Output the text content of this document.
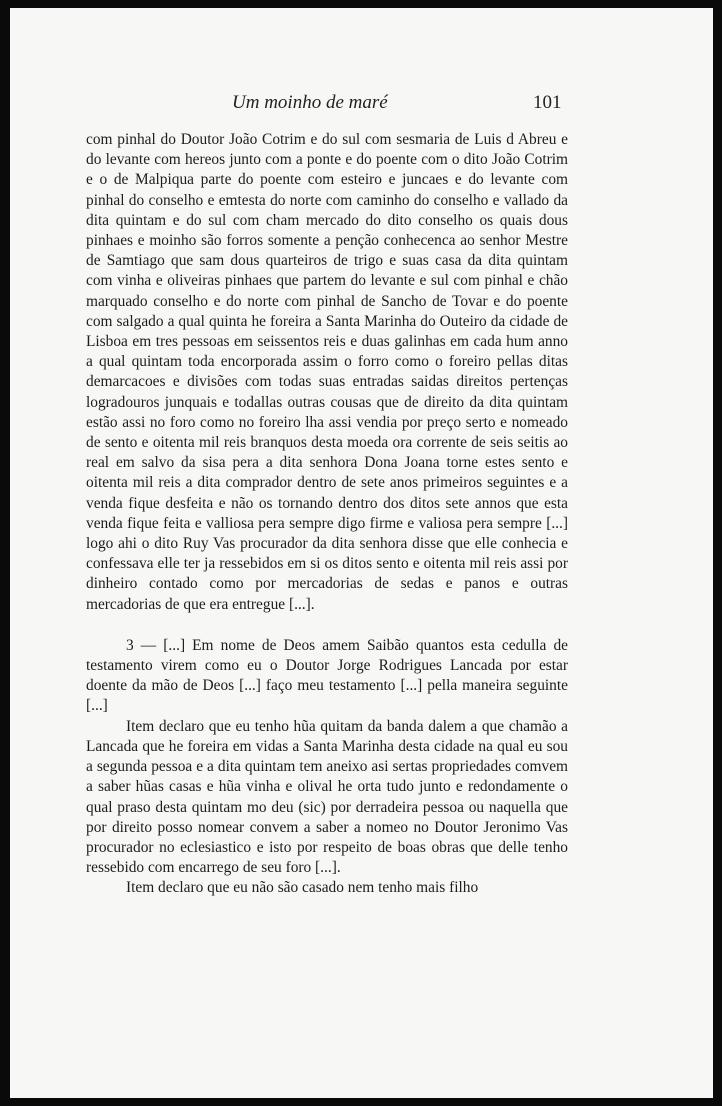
Um moinho de maré	101

com pinhal do Doutor João Cotrim e do sul com sesmaria de Luis d Abreu e do levante com hereos junto com a ponte e do poente com o dito João Cotrim e o de Malpiqua parte do poente com esteiro e juncaes e do levante com pinhal do conselho e emtesta do norte com caminho do conselho e vallado da dita quintam e do sul com cham mercado do dito conselho os quais dous pinhaes e moinho são forros somente a penção conhecenca ao senhor Mestre de Samtiago que sam dous quarteiros de trigo e suas casa da dita quintam com vinha e oliveiras pinhaes que partem do levante e sul com pinhal e chão marquado conselho e do norte com pinhal de Sancho de Tovar e do poente com salgado a qual quinta he foreira a Santa Marinha do Outeiro da cidade de Lisboa em tres pessoas em seissentos reis e duas galinhas em cada hum anno a qual quintam toda encorporada assim o forro como o foreiro pellas ditas demarcacoes e divisões com todas suas entradas saidas direitos pertenças logradouros junquais e todallas outras cousas que de direito da dita quintam estão assi no foro como no foreiro lha assi vendia por preço serto e nomeado de sento e oitenta mil reis branquos desta moeda ora corrente de seis seitis ao real em salvo da sisa pera a dita senhora Dona Joana torne estes sento e oitenta mil reis a dita comprador dentro de sete anos primeiros seguintes e a venda fique desfeita e não os tornando dentro dos ditos sete annos que esta venda fique feita e valliosa pera sempre digo firme e valiosa pera sempre [...] logo ahi o dito Ruy Vas procurador da dita senhora disse que elle conhecia e confessava elle ter ja ressebidos em si os ditos sento e oitenta mil reis assi por dinheiro contado como por mercadorias de sedas e panos e outras mercadorias de que era entregue [...].

3 — [...] Em nome de Deos amem Saibão quantos esta cedulla de testamento virem como eu o Doutor Jorge Rodrigues Lancada por estar doente da mão de Deos [...] faço meu testamento [...] pella maneira seguinte [...]

Item declaro que eu tenho hũa quitam da banda dalem a que chamão a Lancada que he foreira em vidas a Santa Marinha desta cidade na qual eu sou a segunda pessoa e a dita quintam tem aneixo asi sertas propriedades comvem a saber hũas casas e hũa vinha e olival he orta tudo junto e redondamente o qual praso desta quintam mo deu (sic) por derradeira pessoa ou naquella que por direito posso nomear convem a saber a nomeo no Doutor Jeronimo Vas procurador no eclesiastico e isto por respeito de boas obras que delle tenho ressebido com encarrego de seu foro [...].

Item declaro que eu não são casado nem tenho mais filho
